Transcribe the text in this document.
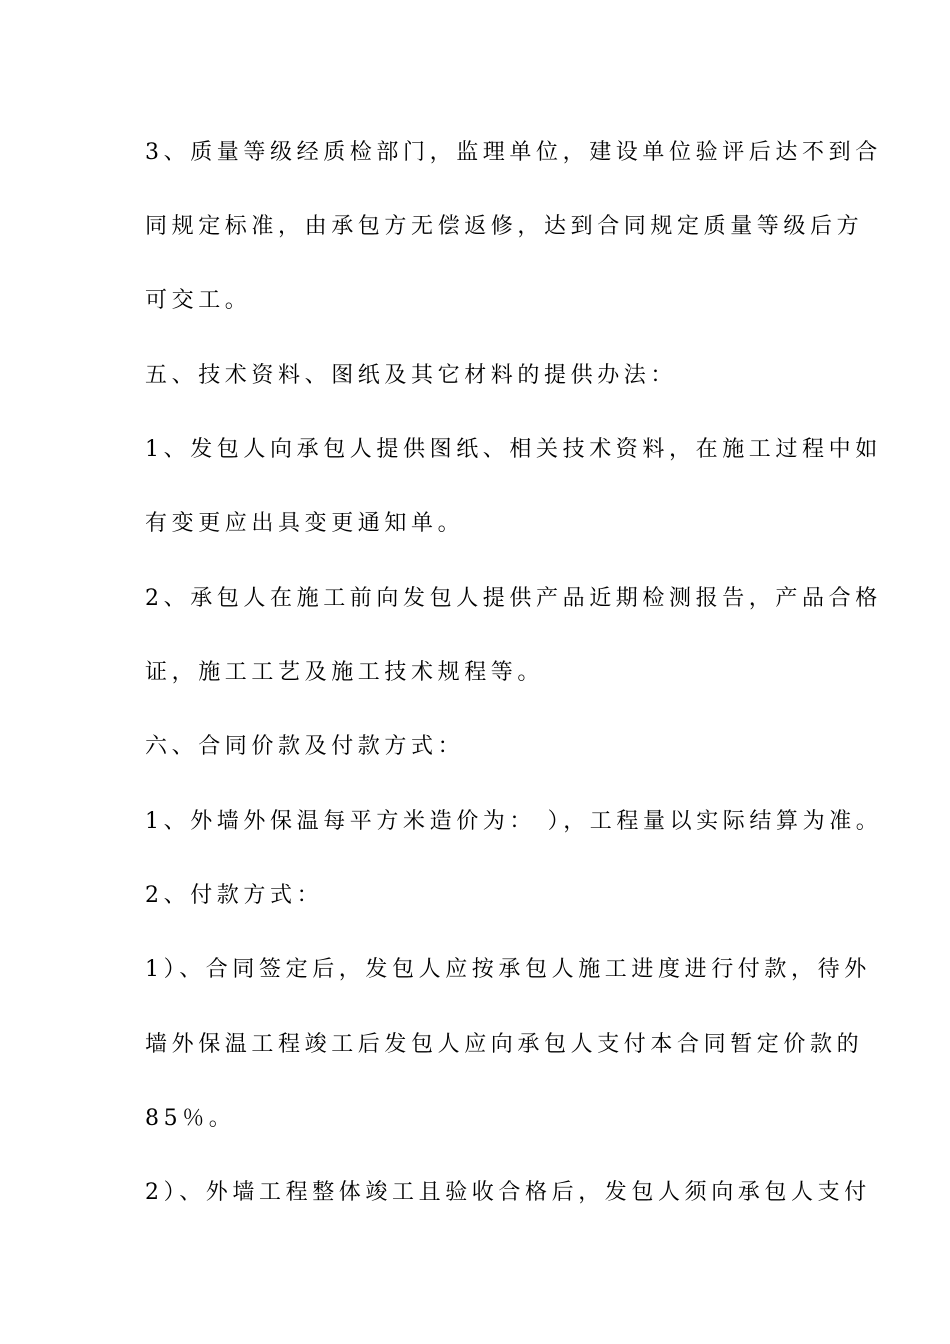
3、质量等级经质检部门，监理单位，建设单位验评后达不到合
同规定标准，由承包方无偿返修，达到合同规定质量等级后方
可交工。
五、技术资料、图纸及其它材料的提供办法：
1、发包人向承包人提供图纸、相关技术资料，在施工过程中如
有变更应出具变更通知单。
2、承包人在施工前向发包人提供产品近期检测报告，产品合格
证，施工工艺及施工技术规程等。
六、合同价款及付款方式：
1、外墙外保温每平方米造价为： ），工程量以实际结算为准。
2、付款方式：
1）、合同签定后，发包人应按承包人施工进度进行付款，待外
墙外保温工程竣工后发包人应向承包人支付本合同暂定价款的
85％。
2）、外墙工程整体竣工且验收合格后，发包人须向承包人支付
